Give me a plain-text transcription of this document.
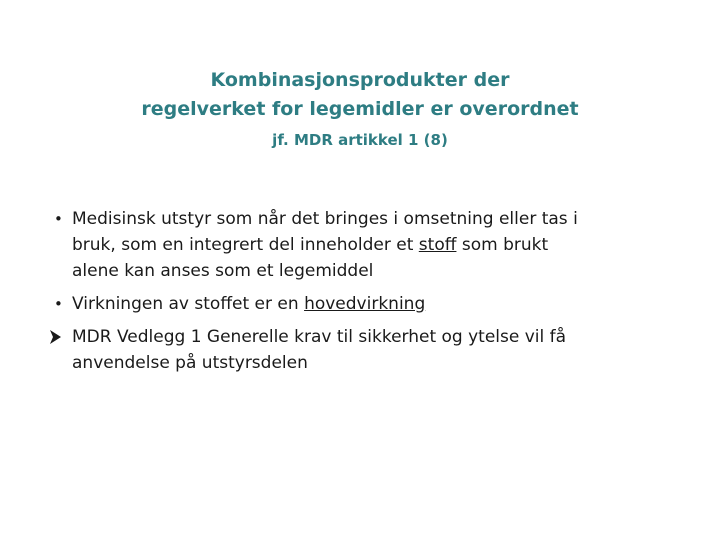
Kombinasjonsprodukter der
regelverket for legemidler er overordnet
jf. MDR artikkel 1 (8)
• Medisinsk utstyr som når det bringes i omsetning eller tas i
bruk, som en integrert del inneholder et stoff som brukt
alene kan anses som et legemiddel
• Virkningen av stoffet er en hovedvirkning
MDR Vedlegg 1 Generelle krav til sikkerhet og ytelse vil få
anvendelse på utstyrsdelen
